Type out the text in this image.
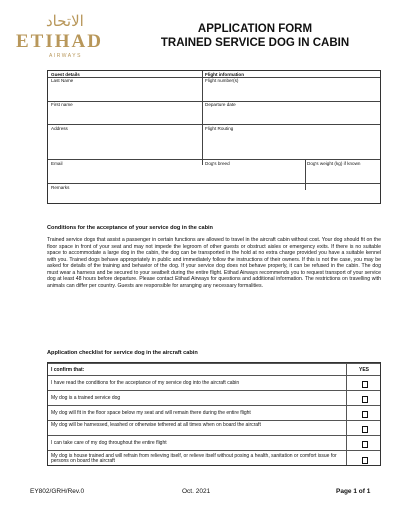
الاتحاد
ETIHAD
AIRWAYS
APPLICATION FORM
TRAINED SERVICE DOG IN CABIN
Guest details	Flight information
Last Name	Flight number(s)
First name	Departure date
Address	Flight Routing
Email	Dog's breed	Dog's weight (kg) if known
Remarks
Conditions for the acceptance of your service dog in the cabin
Trained service dogs that assist a passenger in certain functions are allowed to travel in the aircraft cabin without cost. Your dog should fit on the floor space in front of your seat and may not impede the legroom of other guests or obstruct aisles or emergency exits. If there is no suitable space to accommodate a large dog in the cabin, the dog can be transported in the hold at no extra charge provided you have a suitable kennel with you. Trained dogs behave appropriately in public and immediately follow the instructions of their owners. If this is not the case, you may be asked for details of the training and behavior of the dog. If your service dog does not behave properly, it can be refused in the cabin. The dog must wear a harness and be secured to your seatbelt during the entire flight. Etihad Airways recommends you to request transport of your service dog at least 48 hours before departure. Please contact Etihad Airways for questions and additional information. The restrictions on travelling with animals can differ per country. Guests are responsible for arranging any necessary formalities.
Application checklist for service dog in the aircraft cabin
I confirm that:	YES
I have read the conditions for the acceptance of my service dog into the aircraft cabin
My dog is a trained service dog
My dog will fit in the floor space below my seat and will remain there during the entire flight
My dog will be harnessed, leashed or otherwise tethered at all times when on board the aircraft
I can take care of my dog throughout the entire flight
My dog is house trained and will refrain from relieving itself, or relieve itself without posing a health, sanitation or comfort issue for persons on board the aircraft
EY802/GRH/Rev.0	Oct. 2021	Page 1 of 1
